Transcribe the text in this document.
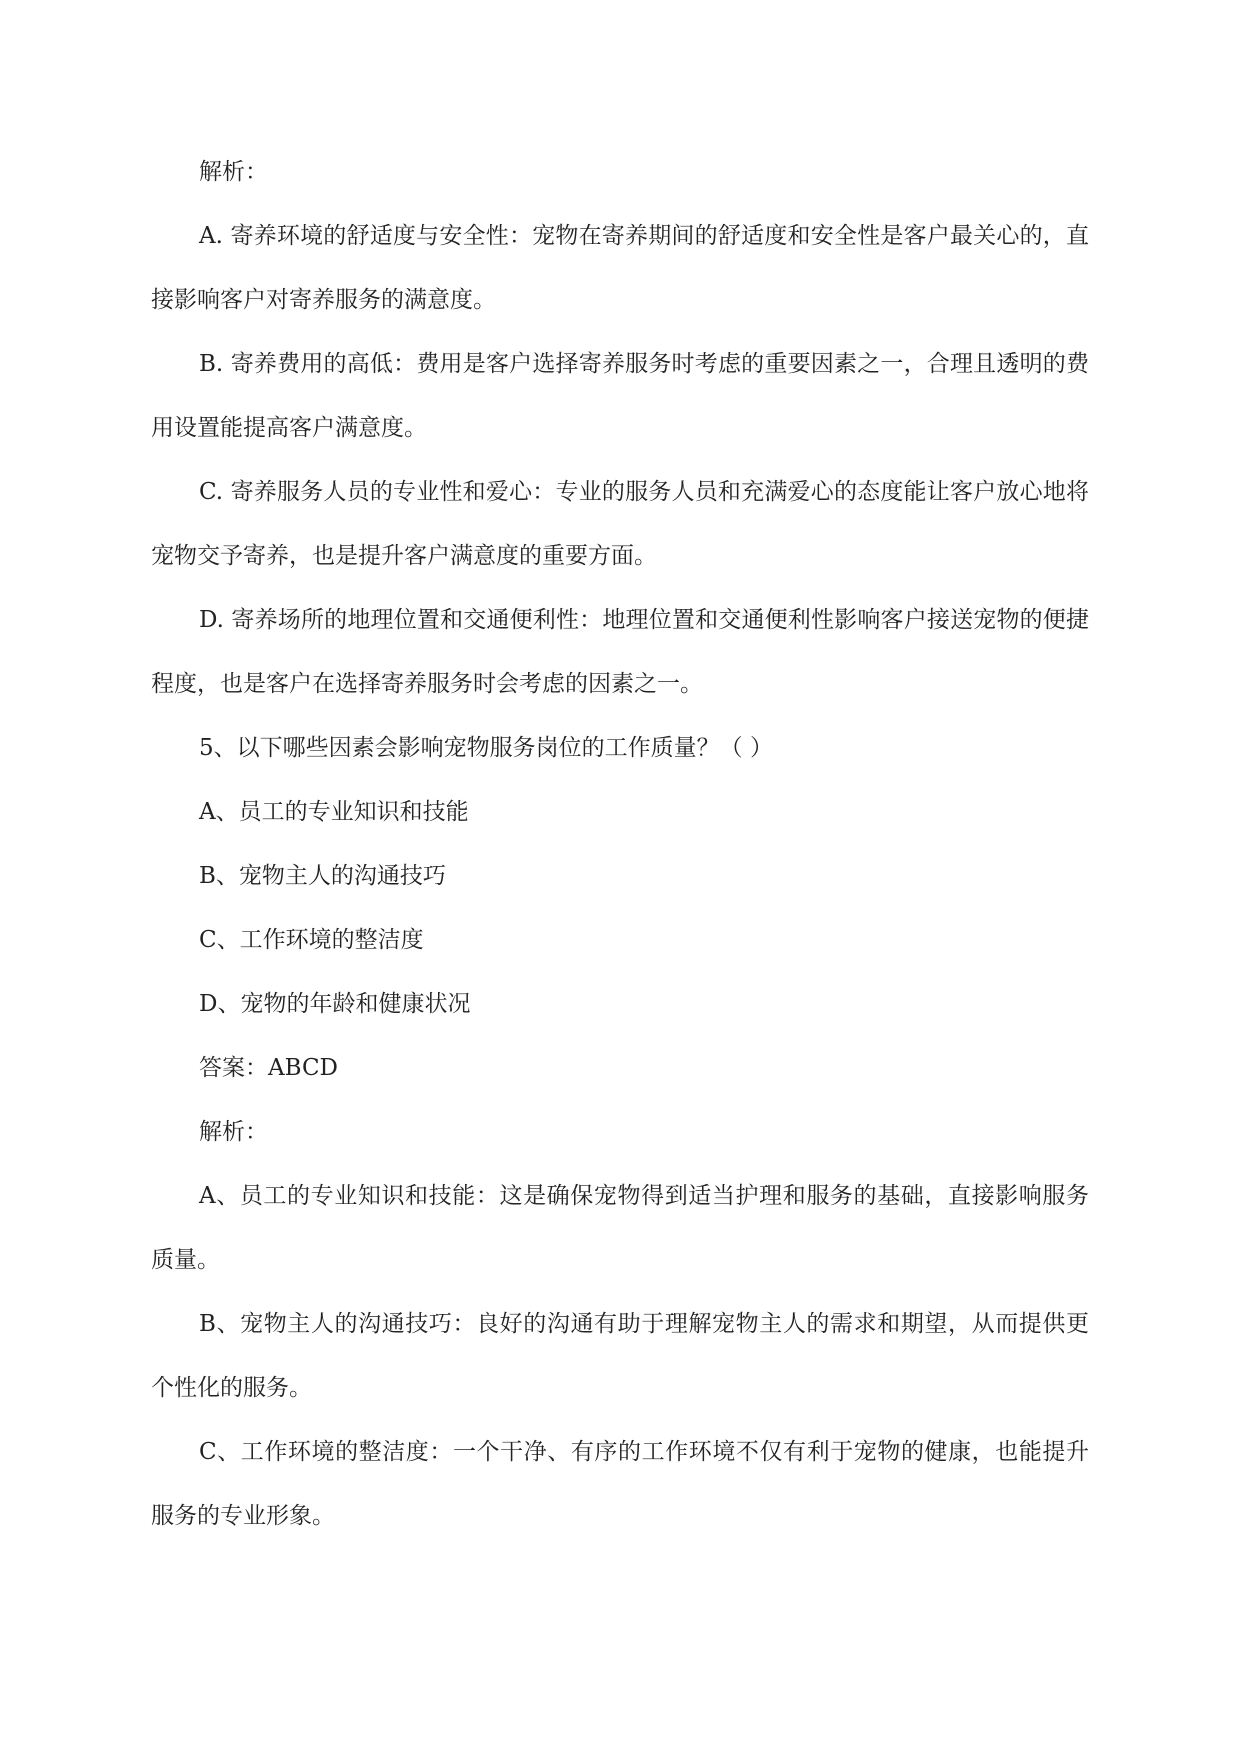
解析：

A. 寄养环境的舒适度与安全性：宠物在寄养期间的舒适度和安全性是客户最关心的，直接影响客户对寄养服务的满意度。

B. 寄养费用的高低：费用是客户选择寄养服务时考虑的重要因素之一，合理且透明的费用设置能提高客户满意度。

C. 寄养服务人员的专业性和爱心：专业的服务人员和充满爱心的态度能让客户放心地将宠物交予寄养，也是提升客户满意度的重要方面。

D. 寄养场所的地理位置和交通便利性：地理位置和交通便利性影响客户接送宠物的便捷程度，也是客户在选择寄养服务时会考虑的因素之一。

5、以下哪些因素会影响宠物服务岗位的工作质量？（ ）

A、员工的专业知识和技能

B、宠物主人的沟通技巧

C、工作环境的整洁度

D、宠物的年龄和健康状况

答案：ABCD

解析：

A、员工的专业知识和技能：这是确保宠物得到适当护理和服务的基础，直接影响服务质量。

B、宠物主人的沟通技巧：良好的沟通有助于理解宠物主人的需求和期望，从而提供更个性化的服务。

C、工作环境的整洁度：一个干净、有序的工作环境不仅有利于宠物的健康，也能提升服务的专业形象。
